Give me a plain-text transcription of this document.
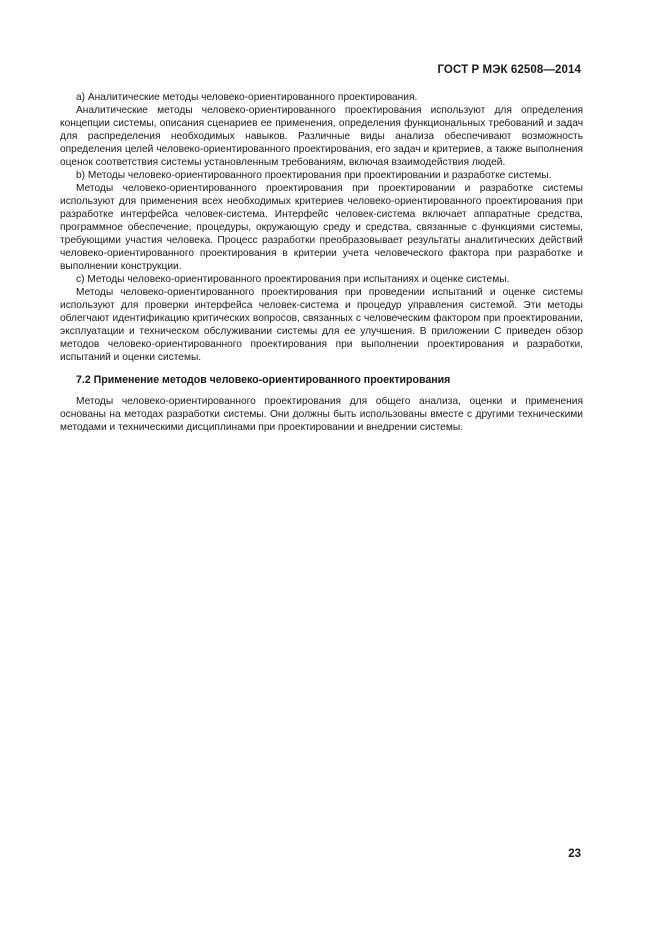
ГОСТ Р МЭК 62508—2014

a) Аналитические методы человеко-ориентированного проектирования.

Аналитические методы человеко-ориентированного проектирования используют для определения концепции системы, описания сценариев ее применения, определения функциональных требований и задач для распределения необходимых навыков. Различные виды анализа обеспечивают возможность определения целей человеко-ориентированного проектирования, его задач и критериев, а также выполнения оценок соответствия системы установленным требованиям, включая взаимодействия людей.

b) Методы человеко-ориентированного проектирования при проектировании и разработке системы.

Методы человеко-ориентированного проектирования при проектировании и разработке системы используют для применения всех необходимых критериев человеко-ориентированного проектирования при разработке интерфейса человек-система. Интерфейс человек-система включает аппаратные средства, программное обеспечение, процедуры, окружающую среду и средства, связанные с функциями системы, требующими участия человека. Процесс разработки преобразовывает результаты аналитических действий человеко-ориентированного проектирования в критерии учета человеческого фактора при разработке и выполнении конструкции.

c) Методы человеко-ориентированного проектирования при испытаниях и оценке системы.

Методы человеко-ориентированного проектирования при проведении испытаний и оценке системы используют для проверки интерфейса человек-система и процедур управления системой. Эти методы облегчают идентификацию критических вопросов, связанных с человеческим фактором при проектировании, эксплуатации и техническом обслуживании системы для ее улучшения. В приложении С приведен обзор методов человеко-ориентированного проектирования при выполнении проектирования и разработки, испытаний и оценки системы.

7.2 Применение методов человеко-ориентированного проектирования

Методы человеко-ориентированного проектирования для общего анализа, оценки и применения основаны на методах разработки системы. Они должны быть использованы вместе с другими техническими методами и техническими дисциплинами при проектировании и внедрении системы.

23
